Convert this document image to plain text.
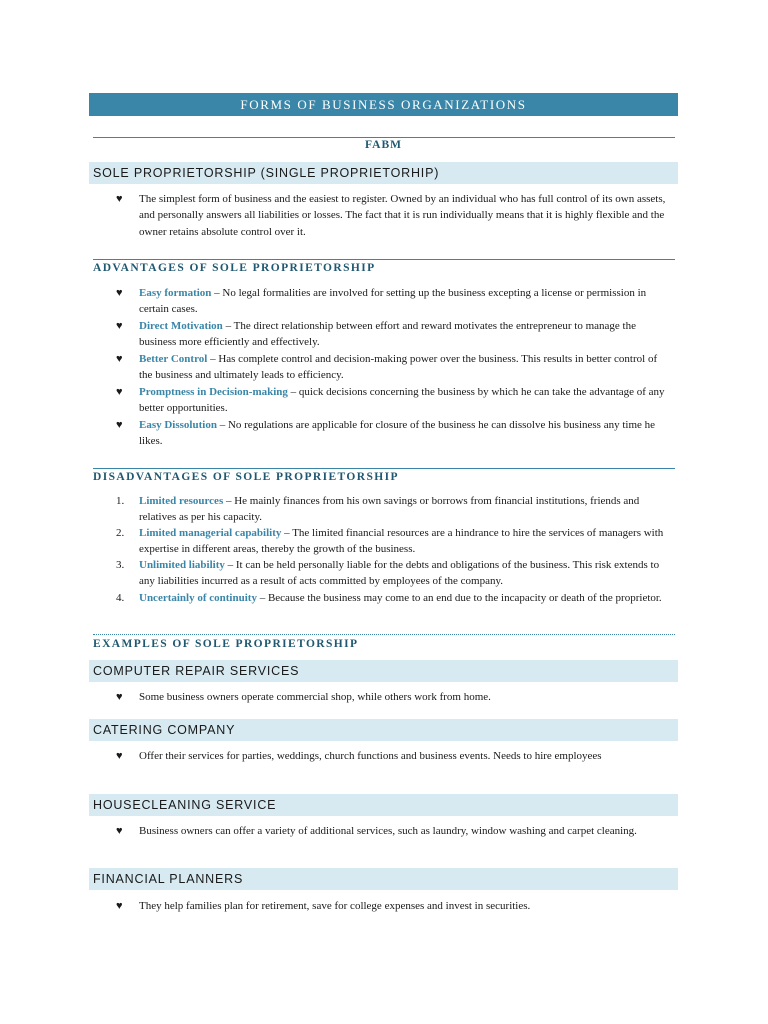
FORMS OF BUSINESS ORGANIZATIONS
FABM
SOLE PROPRIETORSHIP (SINGLE PROPRIETORHIP)
♥ The simplest form of business and the easiest to register. Owned by an individual who has full control of its own assets, and personally answers all liabilities or losses. The fact that it is run individually means that it is highly flexible and the owner retains absolute control over it.
ADVANTAGES OF SOLE PROPRIETORSHIP
♥ Easy formation – No legal formalities are involved for setting up the business excepting a license or permission in certain cases.
♥ Direct Motivation – The direct relationship between effort and reward motivates the entrepreneur to manage the business more efficiently and effectively.
♥ Better Control – Has complete control and decision-making power over the business. This results in better control of the business and ultimately leads to efficiency.
♥ Promptness in Decision-making – quick decisions concerning the business by which he can take the advantage of any better opportunities.
♥ Easy Dissolution – No regulations are applicable for closure of the business he can dissolve his business any time he likes.
DISADVANTAGES OF SOLE PROPRIETORSHIP
1. Limited resources – He mainly finances from his own savings or borrows from financial institutions, friends and relatives as per his capacity.
2. Limited managerial capability – The limited financial resources are a hindrance to hire the services of managers with expertise in different areas, thereby the growth of the business.
3. Unlimited liability – It can be held personally liable for the debts and obligations of the business. This risk extends to any liabilities incurred as a result of acts committed by employees of the company.
4. Uncertainly of continuity – Because the business may come to an end due to the incapacity or death of the proprietor.
EXAMPLES OF SOLE PROPRIETORSHIP
COMPUTER REPAIR SERVICES
♥ Some business owners operate commercial shop, while others work from home.
CATERING COMPANY
♥ Offer their services for parties, weddings, church functions and business events. Needs to hire employees
HOUSECLEANING SERVICE
♥ Business owners can offer a variety of additional services, such as laundry, window washing and carpet cleaning.
FINANCIAL PLANNERS
♥ They help families plan for retirement, save for college expenses and invest in securities.
